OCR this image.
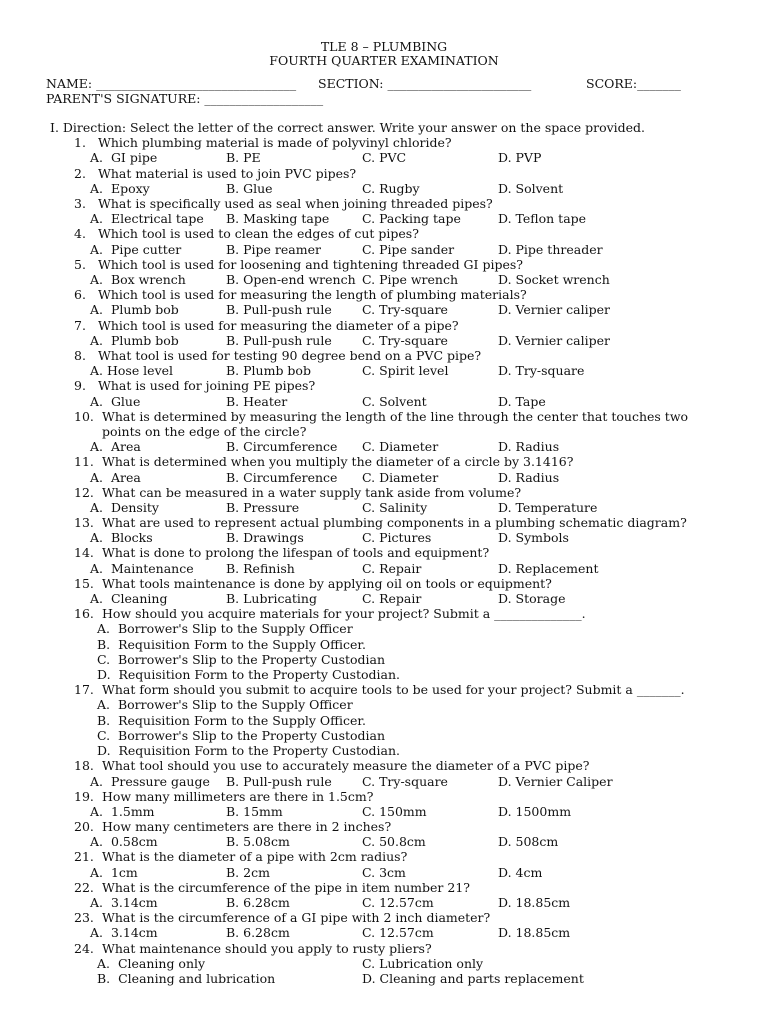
TLE 8 – PLUMBING
FOURTH QUARTER EXAMINATION
NAME: ________________________________ SECTION: _______________________	SCORE:_______
PARENT'S SIGNATURE: ___________________
I. Direction: Select the letter of the correct answer. Write your answer on the space provided.
1. Which plumbing material is made of polyvinyl chloride?
A.  GI pipe	B. PE	C. PVC	D. PVP
2. What material is used to join PVC pipes?
A.  Epoxy	B. Glue	C. Rugby	D. Solvent
3. What is specifically used as seal when joining threaded pipes?
A.  Electrical tape B. Masking tape	C. Packing tape	D. Teflon tape
4. Which tool is used to clean the edges of cut pipes?
A.  Pipe cutter	B. Pipe reamer	C. Pipe sander	D. Pipe threader
5. Which tool is used for loosening and tightening threaded GI pipes?
A.  Box wrench	B. Open-end wrench C. Pipe wrench	D. Socket wrench
6. Which tool is used for measuring the length of plumbing materials?
A.  Plumb bob	B. Pull-push rule C. Try-square	D. Vernier caliper
7. Which tool is used for measuring the diameter of a pipe?
A.  Plumb bob	B. Pull-push rule C. Try-square	D. Vernier caliper
8. What tool is used for testing 90 degree bend on a PVC pipe?
A. Hose level	B. Plumb bob	C. Spirit level	D. Try-square
9. What is used for joining PE pipes?
A.  Glue	B. Heater	C. Solvent	D. Tape
10. What is determined by measuring the length of the line through the center that touches two points on the edge of the circle?
A.  Area	B. Circumference C. Diameter	D. Radius
11. What is determined when you multiply the diameter of a circle by 3.1416?
A.  Area	B. Circumference C. Diameter	D. Radius
12. What can be measured in a water supply tank aside from volume?
A.  Density	B. Pressure	C. Salinity	D. Temperature
13. What are used to represent actual plumbing components in a plumbing schematic diagram?
A.  Blocks	B. Drawings	C. Pictures	D. Symbols
14. What is done to prolong the lifespan of tools and equipment?
A.  Maintenance	B. Refinish	C. Repair	D. Replacement
15. What tools maintenance is done by applying oil on tools or equipment?
A.  Cleaning	B. Lubricating	C. Repair	D. Storage
16. How should you acquire materials for your project? Submit a ______________.
A.  Borrower's Slip to the Supply Officer
B.  Requisition Form to the Supply Officer.
C.  Borrower's Slip to the Property Custodian
D.  Requisition Form to the Property Custodian.
17. What form should you submit to acquire tools to be used for your project? Submit a _______.
A.  Borrower's Slip to the Supply Officer
B.  Requisition Form to the Supply Officer.
C.  Borrower's Slip to the Property Custodian
D.  Requisition Form to the Property Custodian.
18. What tool should you use to accurately measure the diameter of a PVC pipe?
A.  Pressure gauge B. Pull-push rule C. Try-square	D. Vernier Caliper
19. How many millimeters are there in 1.5cm?
A.  1.5mm	B. 15mm	C. 150mm	D. 1500mm
20. How many centimeters are there in 2 inches?
A.  0.58cm	B. 5.08cm	C. 50.8cm	D. 508cm
21. What is the diameter of a pipe with 2cm radius?
A.  1cm	B. 2cm	C. 3cm	D. 4cm
22. What is the circumference of the pipe in item number 21?
A.  3.14cm	B. 6.28cm	C. 12.57cm	D. 18.85cm
23. What is the circumference of a GI pipe with 2 inch diameter?
A.  3.14cm	B. 6.28cm	C. 12.57cm	D. 18.85cm
24. What maintenance should you apply to rusty pliers?
A.  Cleaning only	C. Lubrication only
B.  Cleaning and lubrication	D. Cleaning and parts replacement
